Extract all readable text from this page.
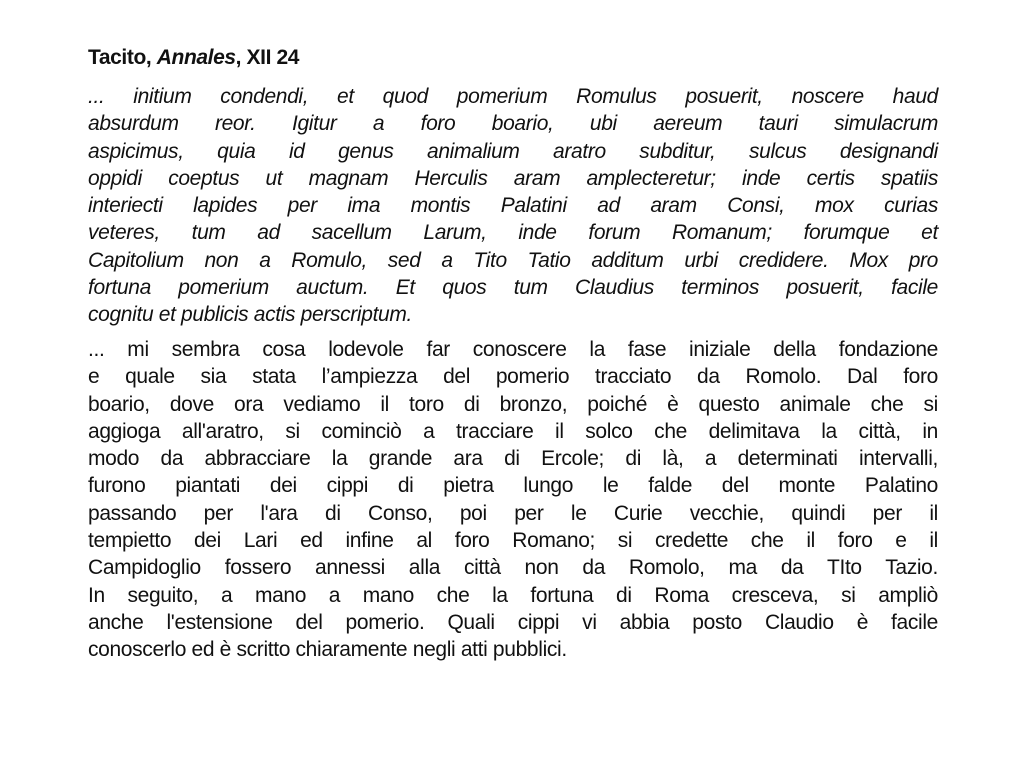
Tacito, Annales, XII 24
... initium condendi, et quod pomerium Romulus posuerit, noscere haud
absurdum reor. Igitur a foro boario, ubi aereum tauri simulacrum
aspicimus, quia id genus animalium aratro subditur, sulcus designandi
oppidi coeptus ut magnam Herculis aram amplecteretur; inde certis spatiis
interiecti lapides per ima montis Palatini ad aram Consi, mox curias
veteres, tum ad sacellum Larum, inde forum Romanum; forumque et
Capitolium non a Romulo, sed a Tito Tatio additum urbi credidere. Mox pro
fortuna pomerium auctum. Et quos tum Claudius terminos posuerit, facile
cognitu et publicis actis perscriptum.
... mi sembra cosa lodevole far conoscere la fase iniziale della fondazione
e quale sia stata l’ampiezza del pomerio tracciato da Romolo. Dal foro
boario, dove ora vediamo il toro di bronzo, poiché è questo animale che si
aggioga all'aratro, si cominciò a tracciare il solco che delimitava la città, in
modo da abbracciare la grande ara di Ercole; di là, a determinati intervalli,
furono piantati dei cippi di pietra lungo le falde del monte Palatino
passando per l'ara di Conso, poi per le Curie vecchie, quindi per il
tempietto dei Lari ed infine al foro Romano; si credette che il foro e il
Campidoglio fossero annessi alla città non da Romolo, ma da TIto Tazio.
In seguito, a mano a mano che la fortuna di Roma cresceva, si ampliò
anche l'estensione del pomerio. Quali cippi vi abbia posto Claudio è facile
conoscerlo ed è scritto chiaramente negli atti pubblici.
